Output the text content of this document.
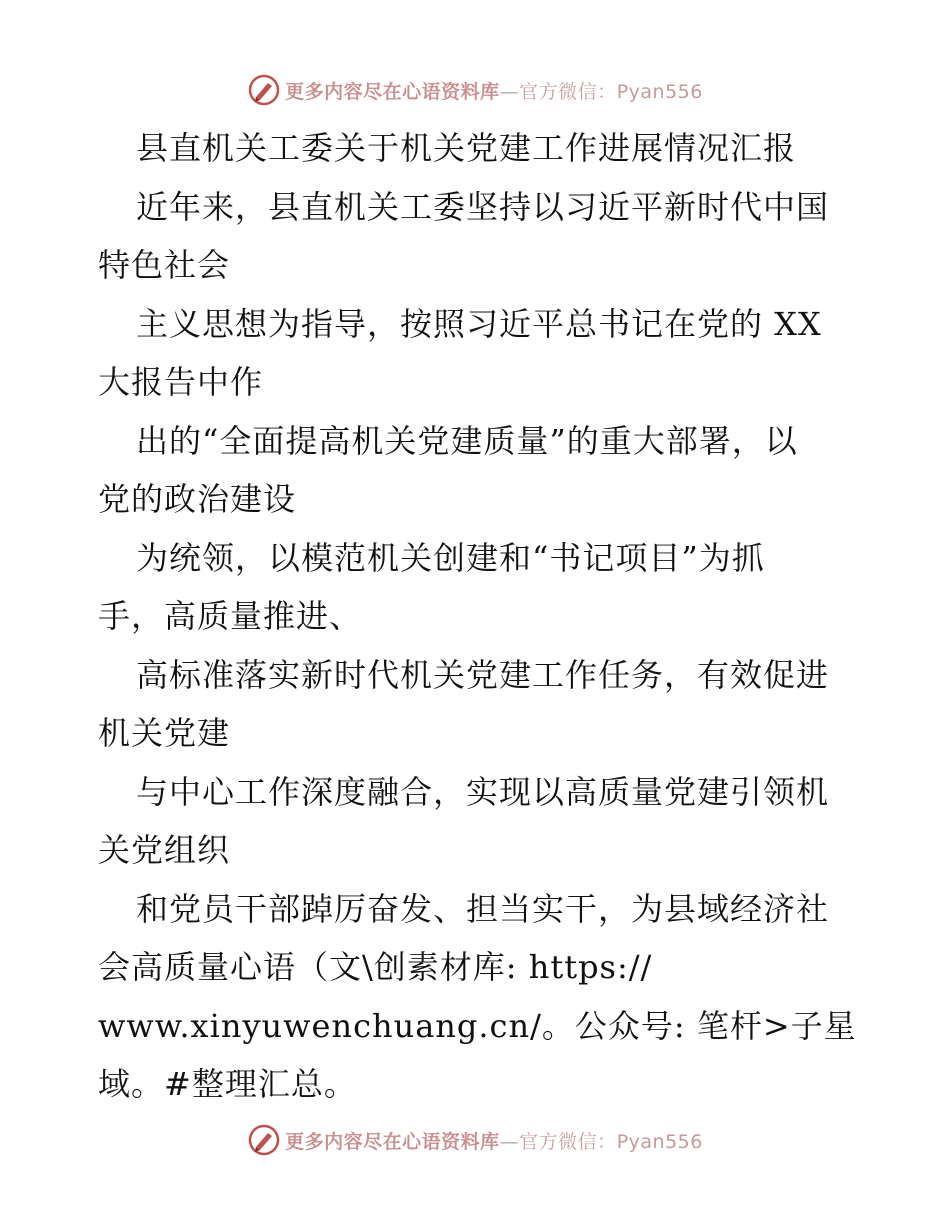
更多内容尽在心语资料库—官方微信：Pyan556
县直机关工委关于机关党建工作进展情况汇报
近年来，县直机关工委坚持以习近平新时代中国
特色社会
主义思想为指导，按照习近平总书记在党的 XX
大报告中作
出的“全面提高机关党建质量”的重大部署，以
党的政治建设
为统领，以模范机关创建和“书记项目”为抓
手，高质量推进、
高标准落实新时代机关党建工作任务，有效促进
机关党建
与中心工作深度融合，实现以高质量党建引领机
关党组织
和党员干部踔厉奋发、担当实干，为县域经济社
会高质量心语（文\创素材库: https://
www.xinyuwenchuang.cn/。公众号: 笔杆>子星
域。#整理汇总。
更多内容尽在心语资料库—官方微信：Pyan556
